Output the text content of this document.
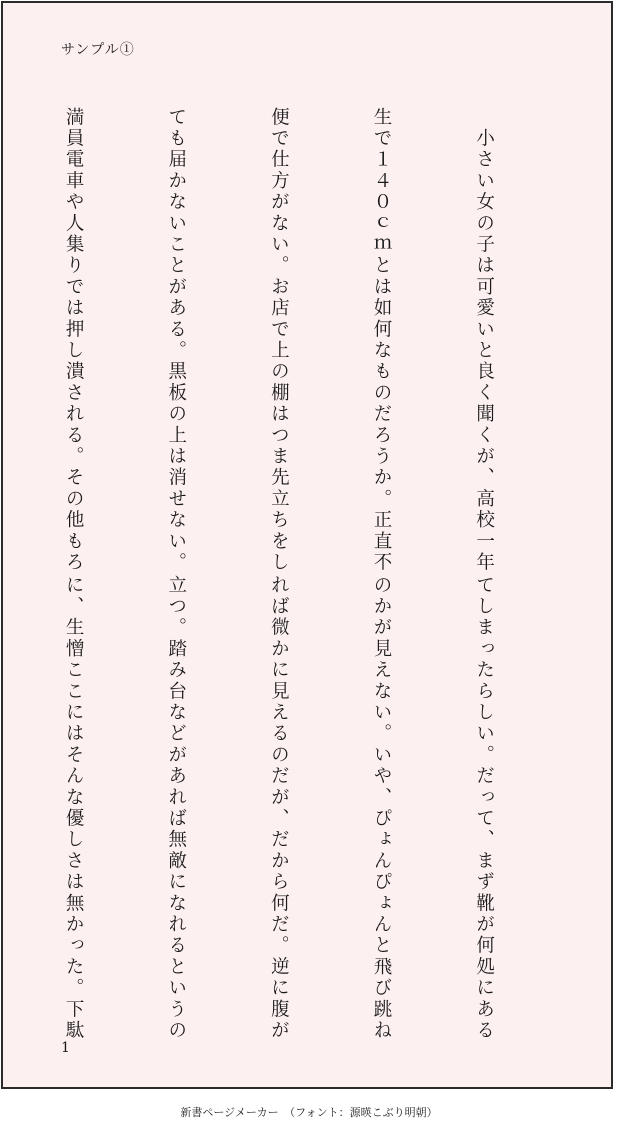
サンプル①

　小さい女の子は可愛いと良く聞くが、高校一年

生で１４０ｃｍとは如何なものだろうか。正直不

便で仕方がない。お店で上の棚はつま先立ちをし

ても届かないことがある。黒板の上は消せない。

満員電車や人集りでは押し潰される。その他もろ

てしまったらしい。だって、まず靴が何処にある

のかが見えない。いや、ぴょんぴょんと飛び跳ね

れば微かに見えるのだが、だから何だ。逆に腹が

立つ。踏み台などがあれば無敵になれるというの

に、生憎ここにはそんな優しさは無かった。下駄

1
新書ページメーカー　（フォント：源暎こぶり明朝）
